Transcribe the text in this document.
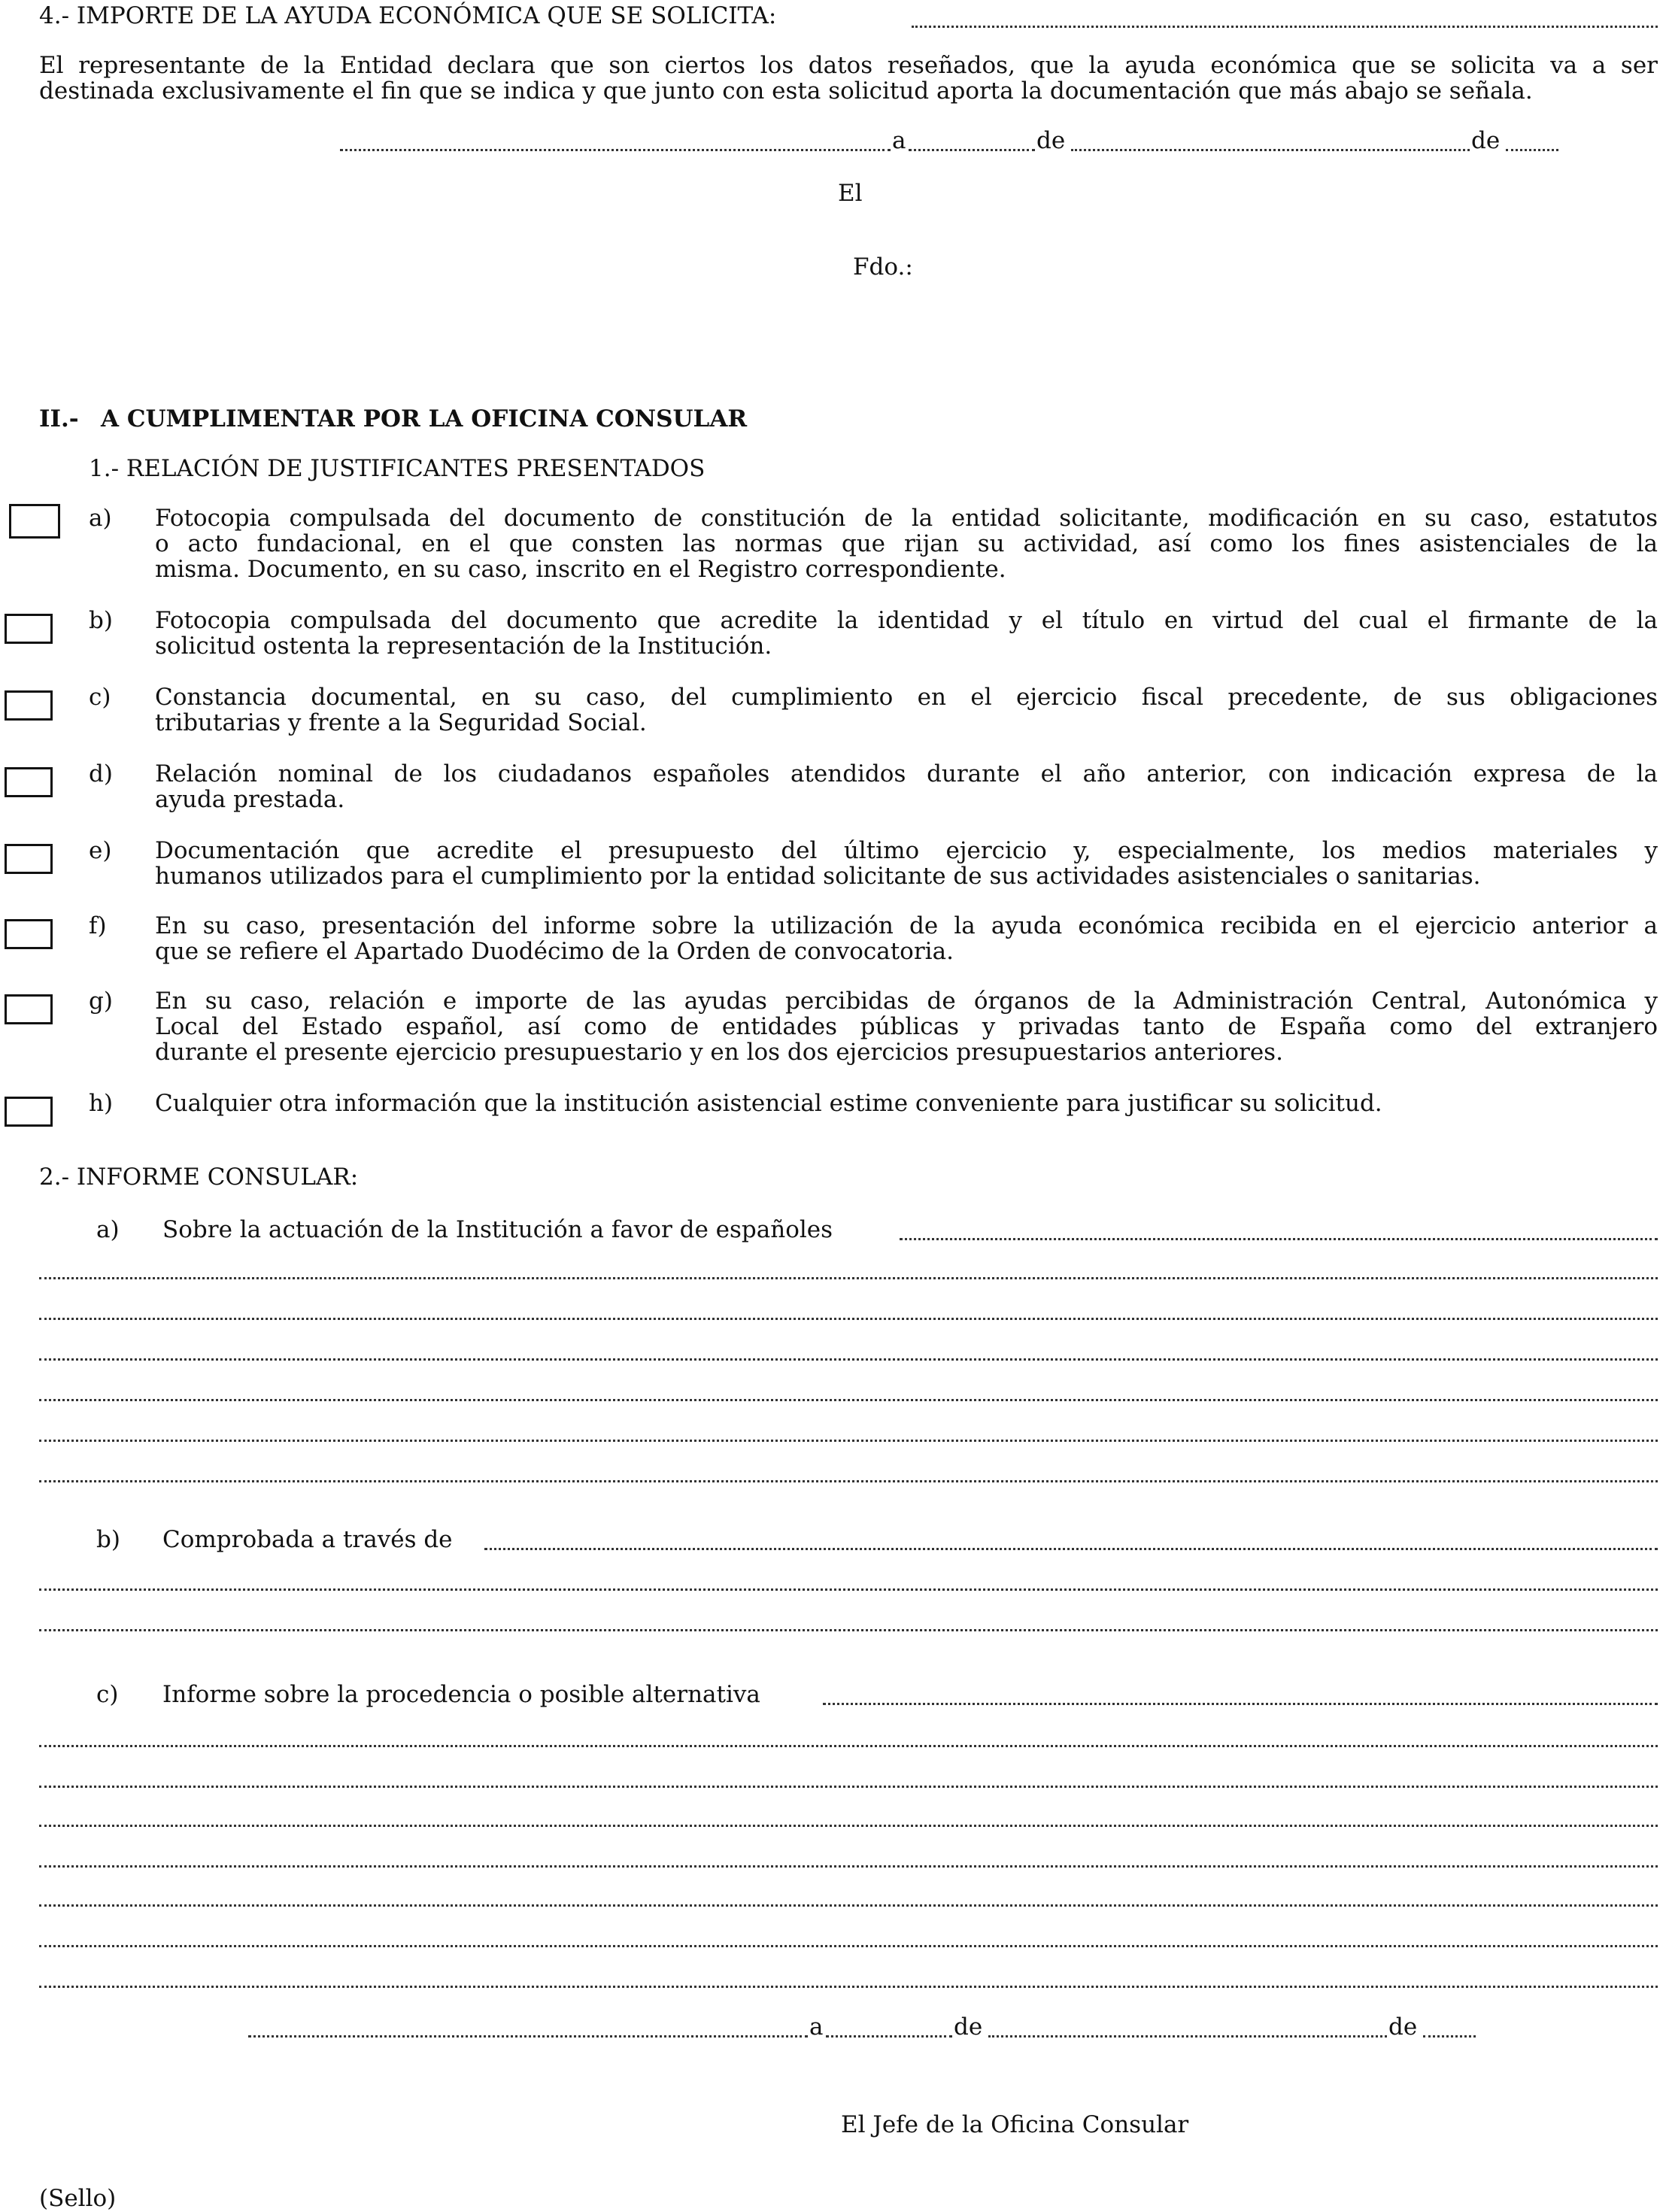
4.- IMPORTE DE LA AYUDA ECONÓMICA QUE SE SOLICITA:
El representante de la Entidad declara que son ciertos los datos reseñados, que la ayuda económica que se solicita va a ser
destinada exclusivamente el fin que se indica y que junto con esta solicitud aporta la documentación que más abajo se señala.
a	de	de
El
Fdo.:
II.- A CUMPLIMENTAR POR LA OFICINA CONSULAR
1.- RELACIÓN DE JUSTIFICANTES PRESENTADOS
a) Fotocopia compulsada del documento de constitución de la entidad solicitante, modificación en su caso, estatutos
o acto fundacional, en el que consten las normas que rijan su actividad, así como los fines asistenciales de la
misma. Documento, en su caso, inscrito en el Registro correspondiente.
b) Fotocopia compulsada del documento que acredite la identidad y el título en virtud del cual el firmante de la
solicitud ostenta la representación de la Institución.
c) Constancia documental, en su caso, del cumplimiento en el ejercicio fiscal precedente, de sus obligaciones
tributarias y frente a la Seguridad Social.
d) Relación nominal de los ciudadanos españoles atendidos durante el año anterior, con indicación expresa de la
ayuda prestada.
e) Documentación que acredite el presupuesto del último ejercicio y, especialmente, los medios materiales y
humanos utilizados para el cumplimiento por la entidad solicitante de sus actividades asistenciales o sanitarias.
f) En su caso, presentación del informe sobre la utilización de la ayuda económica recibida en el ejercicio anterior a
que se refiere el Apartado Duodécimo de la Orden de convocatoria.
g) En su caso, relación e importe de las ayudas percibidas de órganos de la Administración Central, Autonómica y
Local del Estado español, así como de entidades públicas y privadas tanto de España como del extranjero
durante el presente ejercicio presupuestario y en los dos ejercicios presupuestarios anteriores.
h) Cualquier otra información que la institución asistencial estime conveniente para justificar su solicitud.
2.- INFORME CONSULAR:
a) Sobre la actuación de la Institución a favor de españoles
b) Comprobada a través de
c) Informe sobre la procedencia o posible alternativa
a	de	de
El Jefe de la Oficina Consular
(Sello)
